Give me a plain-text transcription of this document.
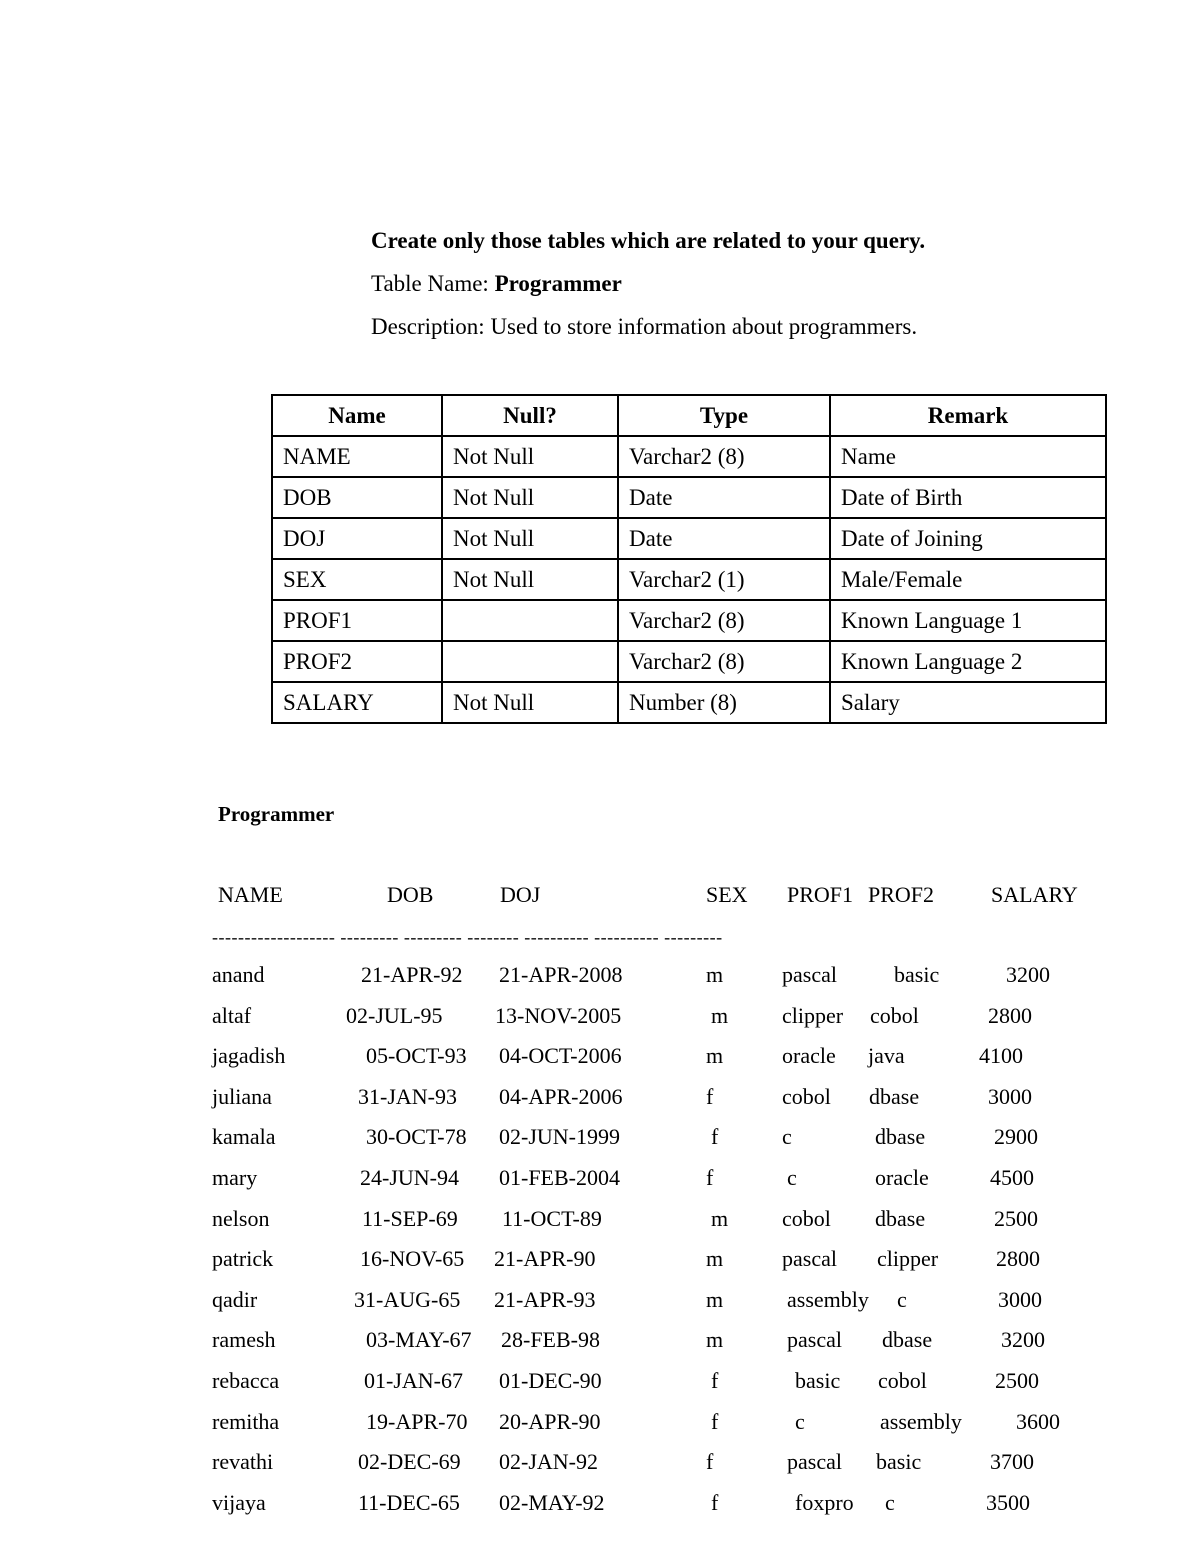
Create only those tables which are related to your query.
Table Name: Programmer
Description: Used to store information about programmers.
Name	Null?	Type	Remark
NAME	Not Null	Varchar2 (8)	Name
DOB	Not Null	Date	Date of Birth
DOJ	Not Null	Date	Date of Joining
SEX	Not Null	Varchar2 (1)	Male/Female
PROF1		Varchar2 (8)	Known Language 1
PROF2		Varchar2 (8)	Known Language 2
SALARY	Not Null	Number (8)	Salary
Programmer
NAME	DOB	DOJ	SEX PROF1 PROF2	SALARY
------------------- --------- --------- -------- ---------- ---------- ---------
anand	21-APR-92 21-APR-2008	m	pascal	basic	3200
altaf	02-JUL-95 13-NOV-2005	m clipper cobol	2800
jagadish	05-OCT-93 04-OCT-2006	m	oracle java	4100
juliana	31-JAN-93 04-APR-2006	f	cobol dbase	3000
kamala	30-OCT-78 02-JUN-1999	f	c	dbase	2900
mary	24-JUN-94 01-FEB-2004	f	c	oracle	4500
nelson	11-SEP-69 11-OCT-89	m cobol dbase	2500
patrick	16-NOV-65 21-APR-90	m	pascal clipper	2800
qadir	31-AUG-65 21-APR-93	m	assembly c	3000
ramesh	03-MAY-67 28-FEB-98	m	pascal dbase	3200
rebacca	01-JAN-67 01-DEC-90	f	basic cobol	2500
remitha	19-APR-70 20-APR-90	f	c	assembly 3600
revathi	02-DEC-69 02-JAN-92	f	pascal basic	3700
vijaya	11-DEC-65 02-MAY-92	f	foxpro c	3500
